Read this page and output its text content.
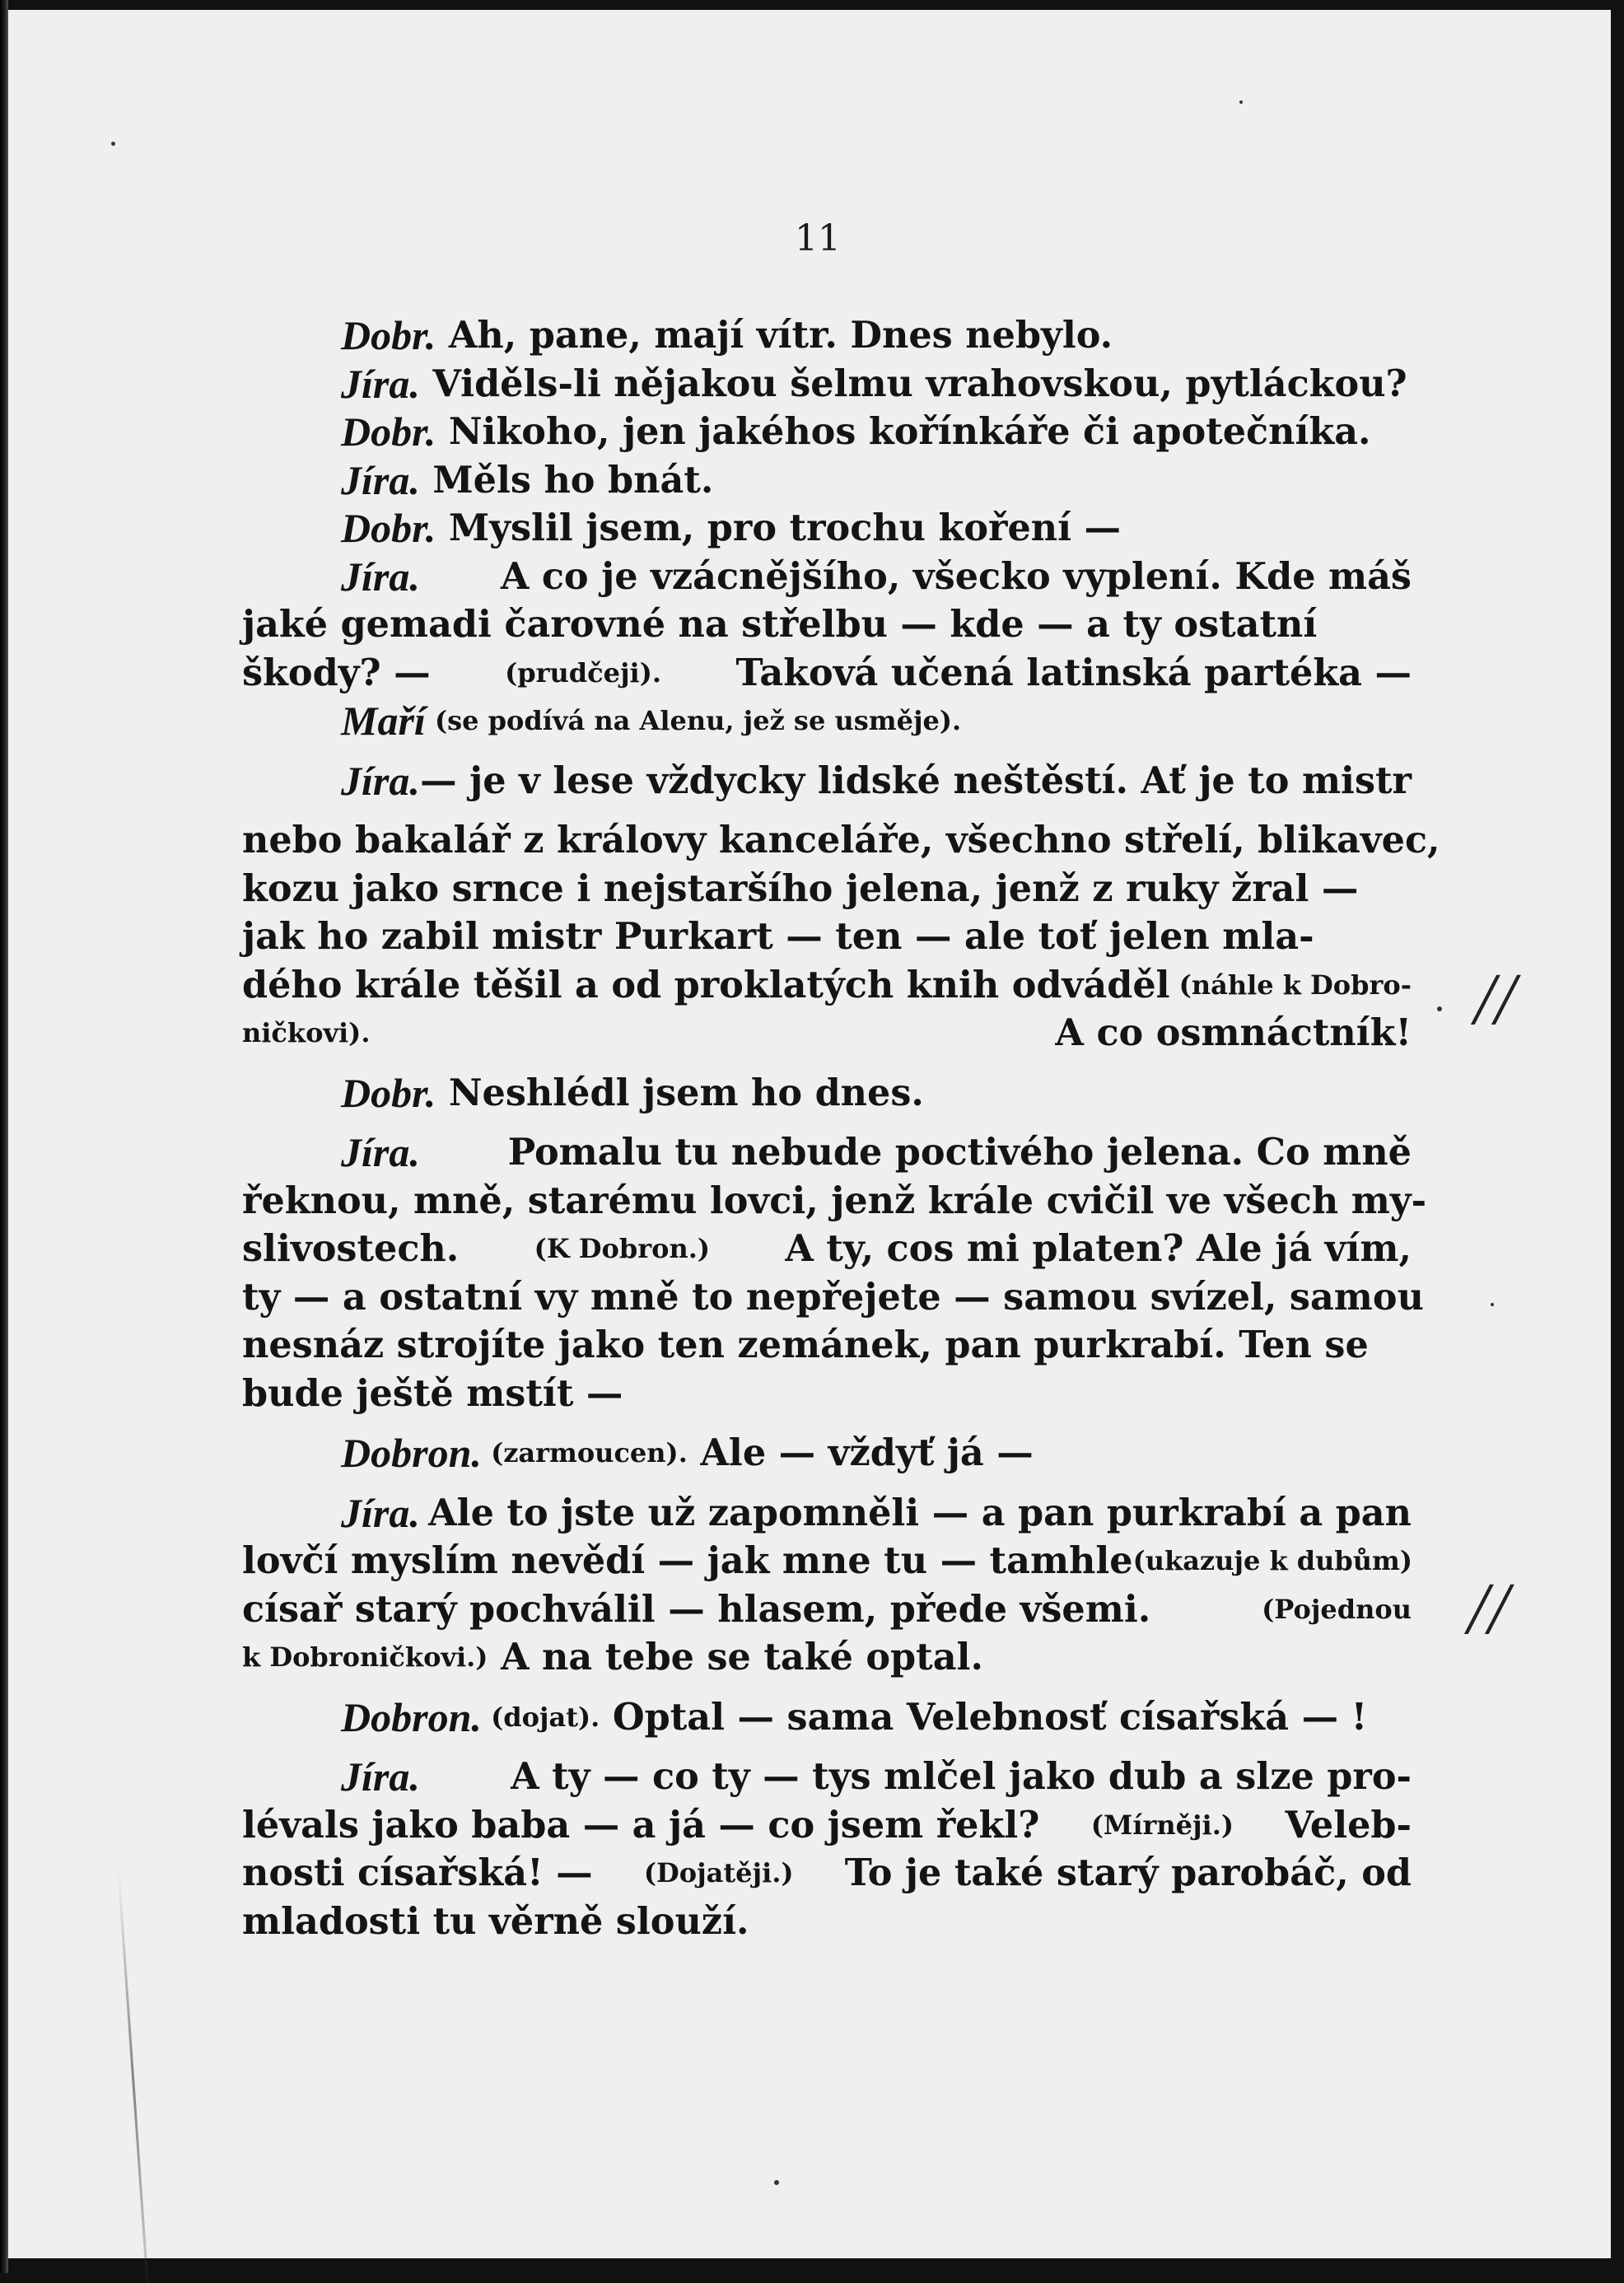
11
Dobr. Ah, pane, mají vítr. Dnes nebylo.
Jíra. Viděls-li nějakou šelmu vrahovskou, pytláckou?
Dobr. Nikoho, jen jakéhos kořínkáře či apotečníka.
Jíra. Měls ho bnát.
Dobr. Myslil jsem, pro trochu koření —
Jíra. A co je vzácnějšího, všecko vyplení. Kde máš
jaké gemadi čarovné na střelbu — kde — a ty ostatní
škody? —	(prudčeji). Taková učená latinská partéka —
Maří (se podívá na Alenu, jež se usměje).
Jíra. — je v lese vždycky lidské neštěstí. Ať je to mistr
nebo bakalář z královy kanceláře, všechno střelí, blikavec,
kozu jako srnce i nejstaršího jelena, jenž z ruky žral —
jak ho zabil mistr Purkart — ten — ale toť jelen mla-
dého krále těšil a od proklatých knih odváděl (náhle k Dobro-
ničkovi).	A co osmnáctník!
Dobr. Neshlédl jsem ho dnes.
Jíra. Pomalu tu nebude poctivého jelena. Co mně
řeknou, mně, starému lovci, jenž krále cvičil ve všech my-
slivostech.	(K Dobron.) A ty, cos mi platen? Ale já vím,
ty — a ostatní vy mně to nepřejete — samou svízel, samou
nesnáz strojíte jako ten zemánek, pan purkrabí. Ten se
bude ještě mstít —
Dobron. (zarmoucen). Ale — vždyť já —
Jíra. Ale to jste už zapomněli — a pan purkrabí a pan
lovčí myslím nevědí — jak mne tu — tamhle (ukazuje k dubům)
císař starý pochválil — hlasem, přede všemi.	(Pojednou
k Dobroničkovi.) A na tebe se také optal.
Dobron. (dojat). Optal — sama Velebnosť císařská — !
Jíra. A ty — co ty — tys mlčel jako dub a slze pro-
lévals jako baba — a já — co jsem řekl? (Mírněji.) Veleb-
nosti císařská! — (Dojatěji.) To je také starý parobáč, od
mladosti tu věrně slouží.
//
//
